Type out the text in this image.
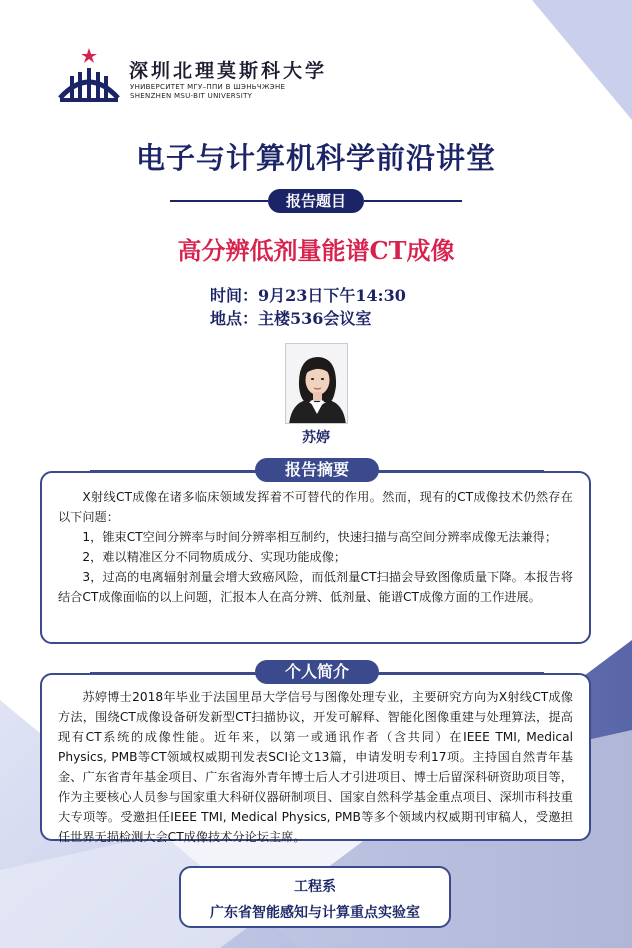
深圳北理莫斯科大学
УНИВЕРСИТЕТ МГУ–ППИ В ШЭНЬЧЖЭНЕ
SHENZHEN MSU-BIT UNIVERSITY
电子与计算机科学前沿讲堂
报告题目
高分辨低剂量能谱CT成像
时间：9月23日下午14:30
地点：主楼536会议室
苏婷

X射线CT成像在诸多临床领域发挥着不可替代的作用。然而，现有的CT成像技术仍然存在以下问题：

1，锥束CT空间分辨率与时间分辨率相互制约，快速扫描与高空间分辨率成像无法兼得；

2，难以精准区分不同物质成分、实现功能成像；

3，过高的电离辐射剂量会增大致癌风险，而低剂量CT扫描会导致图像质量下降。本报告将结合CT成像面临的以上问题，汇报本人在高分辨、低剂量、能谱CT成像方面的工作进展。

报告摘要

苏婷博士2018年毕业于法国里昂大学信号与图像处理专业，主要研究方向为X射线CT成像方法，围绕CT成像设备研发新型CT扫描协议，开发可解释、智能化图像重建与处理算法，提高现有CT系统的成像性能。近年来，以第一或通讯作者（含共同）在IEEE TMI, Medical Physics, PMB等CT领域权威期刊发表SCI论文13篇，申请发明专利17项。主持国自然青年基金、广东省青年基金项目、广东省海外青年博士后人才引进项目、博士后留深科研资助项目等，作为主要核心人员参与国家重大科研仪器研制项目、国家自然科学基金重点项目、深圳市科技重大专项等。受邀担任IEEE TMI, Medical Physics, PMB等多个领域内权威期刊审稿人，受邀担任世界无损检测大会CT成像技术分论坛主席。

个人简介
工程系
广东省智能感知与计算重点实验室
